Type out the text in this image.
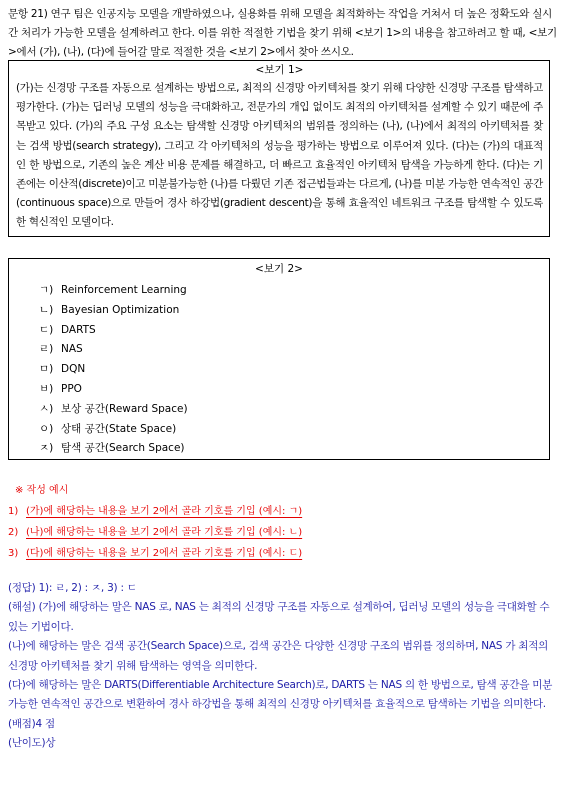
문항 21) 연구 팀은 인공지능 모델을 개발하였으나, 실용화를 위해 모델을 최적화하는 작업을 거쳐서 더 높은 정확도와 실시간 처리가 가능한 모델을 설계하려고 한다. 이를 위한 적절한 기법을 찾기 위해 <보기 1>의 내용을 참고하려고 할 때, <보기>에서 (가), (나), (다)에 들어갈 말로 적절한 것을 <보기 2>에서 찾아 쓰시오.
<보기 1>
(가)는 신경망 구조를 자동으로 설계하는 방법으로, 최적의 신경망 아키텍처를 찾기 위해 다양한 신경망 구조를 탐색하고 평가한다. (가)는 딥러닝 모델의 성능을 극대화하고, 전문가의 개입 없이도 최적의 아키텍처를 설계할 수 있기 때문에 주목받고 있다. (가)의 주요 구성 요소는 탐색할 신경망 아키텍처의 범위를 정의하는 (나), (나)에서 최적의 아키텍처를 찾는 검색 방법(search strategy), 그리고 각 아키텍처의 성능을 평가하는 방법으로 이루어져 있다. (다)는 (가)의 대표적인 한 방법으로, 기존의 높은 계산 비용 문제를 해결하고, 더 빠르고 효율적인 아키텍처 탐색을 가능하게 한다. (다)는 기존에는 이산적(discrete)이고 미분불가능한 (나)를 다뤘던 기존 접근법들과는 다르게, (나)를 미분 가능한 연속적인 공간(continuous space)으로 만들어 경사 하강법(gradient descent)을 통해 효율적인 네트워크 구조를 탐색할 수 있도록 한 혁신적인 모델이다.
<보기 2>
ㄱ) Reinforcement Learning
ㄴ) Bayesian Optimization
ㄷ) DARTS
ㄹ) NAS
ㅁ) DQN
ㅂ) PPO
ㅅ) 보상 공간(Reward Space)
ㅇ) 상태 공간(State Space)
ㅈ) 탐색 공간(Search Space)
※ 작성 예시
1) (가)에 해당하는 내용을 보기 2에서 골라 기호를 기입 (예시: ㄱ)
2) (나)에 해당하는 내용을 보기 2에서 골라 기호를 기입 (예시: ㄴ)
3) (다)에 해당하는 내용을 보기 2에서 골라 기호를 기입 (예시: ㄷ)

(정답) 1): ㄹ, 2) : ㅈ, 3) : ㄷ

(해설) (가)에 해당하는 말은 NAS 로, NAS 는 최적의 신경망 구조를 자동으로 설계하여, 딥러닝 모델의 성능을 극대화할 수 있는 기법이다.

(나)에 해당하는 말은 검색 공간(Search Space)으로, 검색 공간은 다양한 신경망 구조의 범위를 정의하며, NAS 가 최적의 신경망 아키텍처를 찾기 위해 탐색하는 영역을 의미한다.

(다)에 해당하는 말은 DARTS(Differentiable Architecture Search)로, DARTS 는 NAS 의 한 방법으로, 탐색 공간을 미분 가능한 연속적인 공간으로 변환하여 경사 하강법을 통해 최적의 신경망 아키텍처를 효율적으로 탐색하는 기법을 의미한다.

(배점)4 점

(난이도)상
